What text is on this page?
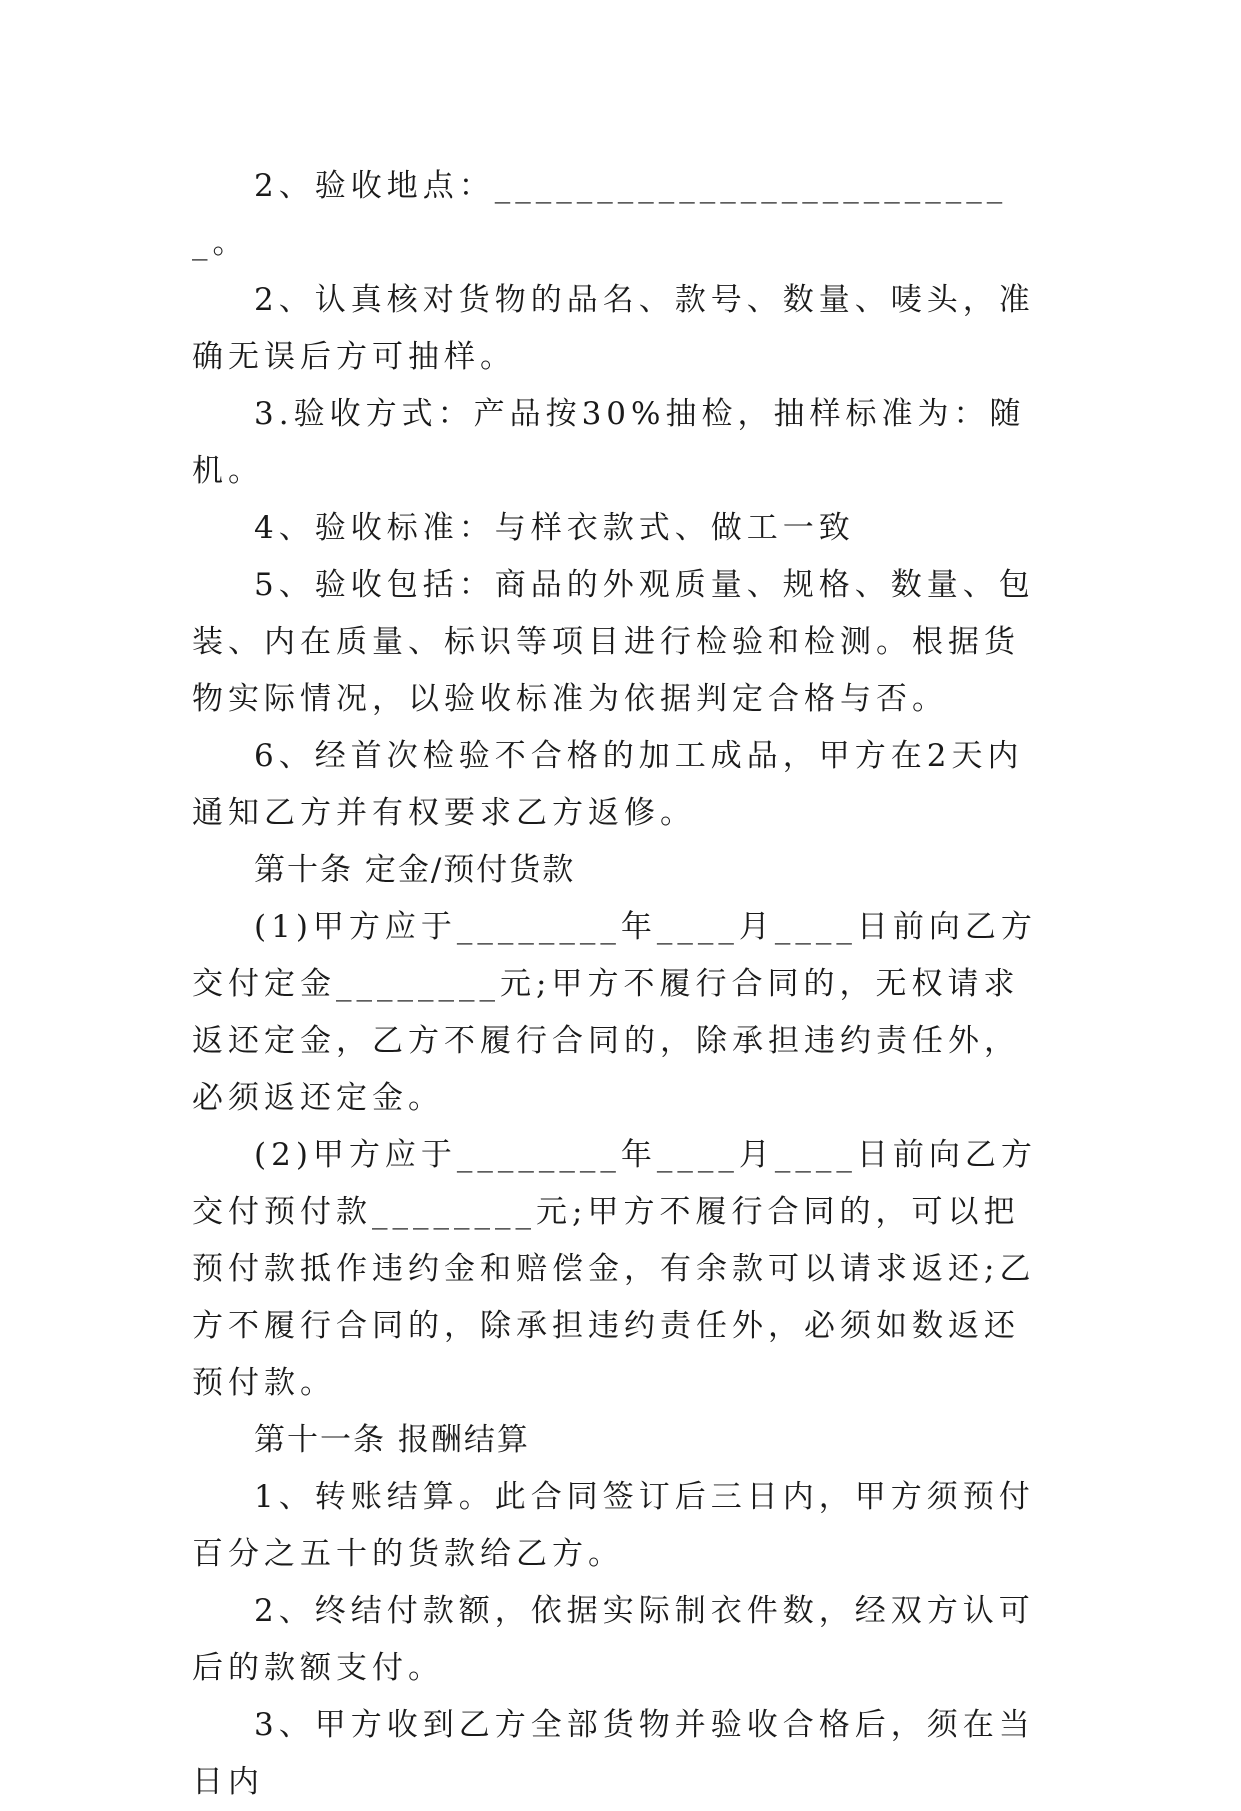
2、验收地点：__________________________。

2、认真核对货物的品名、款号、数量、唛头，准确无误后方可抽样。

3.验收方式：产品按30%抽检，抽样标准为：随机。

4、验收标准：与样衣款式、做工一致

5、验收包括：商品的外观质量、规格、数量、包装、内在质量、标识等项目进行检验和检测。根据货物实际情况，以验收标准为依据判定合格与否。

6、经首次检验不合格的加工成品，甲方在2天内通知乙方并有权要求乙方返修。

第十条 定金/预付货款

(1)甲方应于________年____月____日前向乙方交付定金________元;甲方不履行合同的，无权请求返还定金，乙方不履行合同的，除承担违约责任外，必须返还定金。

(2)甲方应于________年____月____日前向乙方交付预付款________元;甲方不履行合同的，可以把预付款抵作违约金和赔偿金，有余款可以请求返还;乙方不履行合同的，除承担违约责任外，必须如数返还预付款。

第十一条 报酬结算

1、转账结算。此合同签订后三日内，甲方须预付百分之五十的货款给乙方。

2、终结付款额，依据实际制衣件数，经双方认可后的款额支付。

3、甲方收到乙方全部货物并验收合格后，须在当日内
